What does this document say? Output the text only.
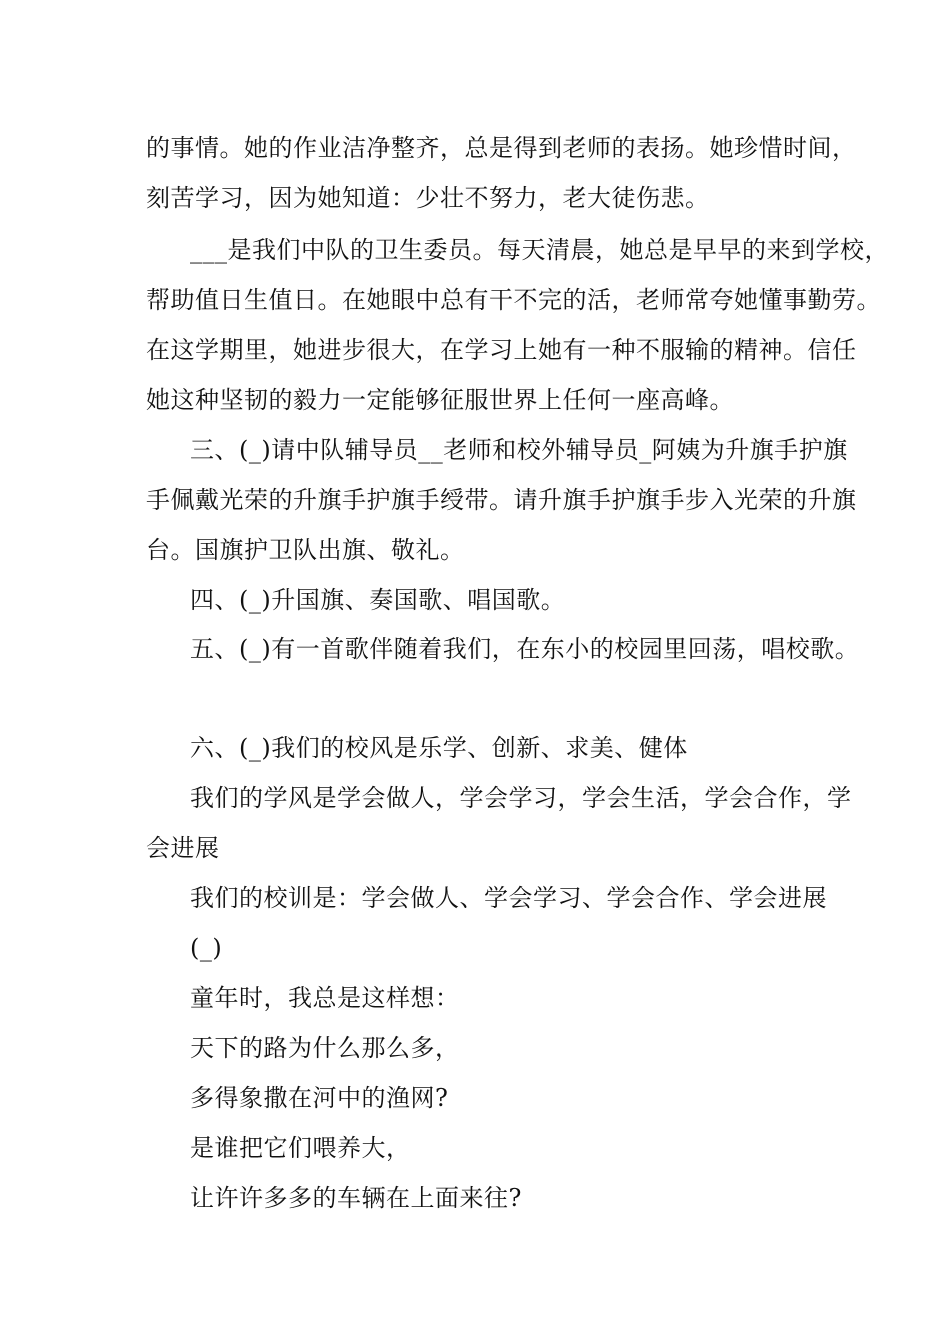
的事情。她的作业洁净整齐，总是得到老师的表扬。她珍惜时间，
刻苦学习，因为她知道：少壮不努力，老大徒伤悲。
___是我们中队的卫生委员。每天清晨，她总是早早的来到学校，
帮助值日生值日。在她眼中总有干不完的活，老师常夸她懂事勤劳。
在这学期里，她进步很大，在学习上她有一种不服输的精神。信任
她这种坚韧的毅力一定能够征服世界上任何一座高峰。
三、(_)请中队辅导员__老师和校外辅导员_阿姨为升旗手护旗
手佩戴光荣的升旗手护旗手绶带。请升旗手护旗手步入光荣的升旗
台。国旗护卫队出旗、敬礼。
四、(_)升国旗、奏国歌、唱国歌。
五、(_)有一首歌伴随着我们，在东小的校园里回荡，唱校歌。
六、(_)我们的校风是乐学、创新、求美、健体
我们的学风是学会做人，学会学习，学会生活，学会合作，学
会进展
我们的校训是：学会做人、学会学习、学会合作、学会进展
(_)
童年时，我总是这样想：
天下的路为什么那么多，
多得象撒在河中的渔网?
是谁把它们喂养大，
让许许多多的车辆在上面来往?
